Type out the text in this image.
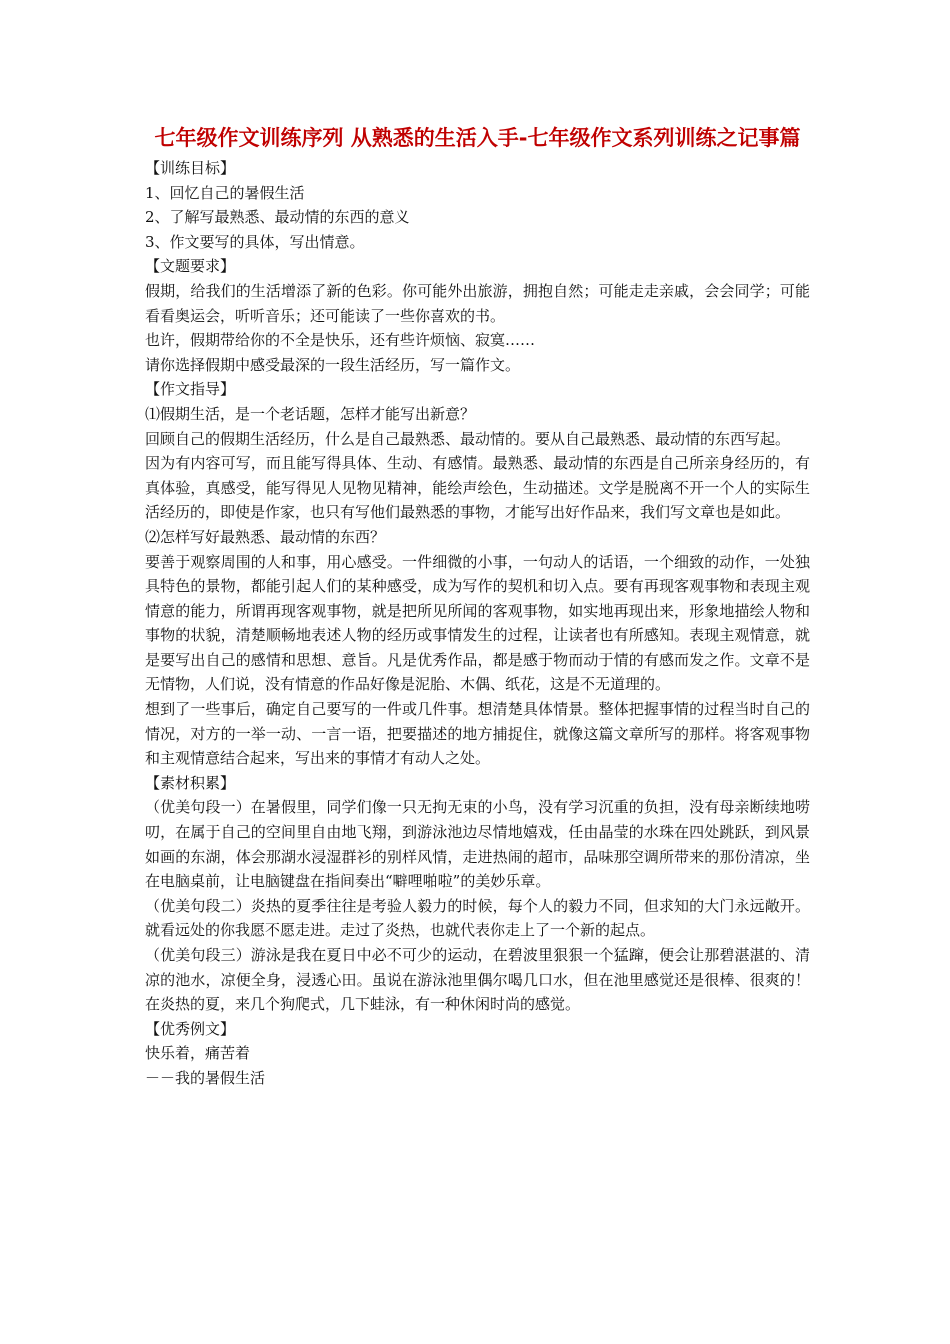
七年级作文训练序列 从熟悉的生活入手-七年级作文系列训练之记事篇

【训练目标】

1、回忆自己的暑假生活

2、了解写最熟悉、最动情的东西的意义

3、作文要写的具体，写出情意。

【文题要求】

假期，给我们的生活增添了新的色彩。你可能外出旅游，拥抱自然；可能走走亲戚，会会同学；可能看看奥运会，听听音乐；还可能读了一些你喜欢的书。

也许，假期带给你的不全是快乐，还有些许烦恼、寂寞……

请你选择假期中感受最深的一段生活经历，写一篇作文。

【作文指导】

⑴假期生活，是一个老话题，怎样才能写出新意？

回顾自己的假期生活经历，什么是自己最熟悉、最动情的。要从自己最熟悉、最动情的东西写起。

因为有内容可写，而且能写得具体、生动、有感情。最熟悉、最动情的东西是自己所亲身经历的，有真体验，真感受，能写得见人见物见精神，能绘声绘色，生动描述。文学是脱离不开一个人的实际生活经历的，即使是作家，也只有写他们最熟悉的事物，才能写出好作品来，我们写文章也是如此。

⑵怎样写好最熟悉、最动情的东西？

要善于观察周围的人和事，用心感受。一件细微的小事，一句动人的话语，一个细致的动作，一处独具特色的景物，都能引起人们的某种感受，成为写作的契机和切入点。要有再现客观事物和表现主观情意的能力，所谓再现客观事物，就是把所见所闻的客观事物，如实地再现出来，形象地描绘人物和事物的状貌，清楚顺畅地表述人物的经历或事情发生的过程，让读者也有所感知。表现主观情意，就是要写出自己的感情和思想、意旨。凡是优秀作品，都是感于物而动于情的有感而发之作。文章不是无情物，人们说，没有情意的作品好像是泥胎、木偶、纸花，这是不无道理的。

想到了一些事后，确定自己要写的一件或几件事。想清楚具体情景。整体把握事情的过程当时自己的情况，对方的一举一动、一言一语，把要描述的地方捕捉住，就像这篇文章所写的那样。将客观事物和主观情意结合起来，写出来的事情才有动人之处。

【素材积累】

（优美句段一）在暑假里，同学们像一只无拘无束的小鸟，没有学习沉重的负担，没有母亲断续地唠叨，在属于自己的空间里自由地飞翔，到游泳池边尽情地嬉戏，任由晶莹的水珠在四处跳跃，到风景如画的东湖，体会那湖水浸湿群衫的别样风情，走进热闹的超市，品味那空调所带来的那份清凉，坐在电脑桌前，让电脑键盘在指间奏出“噼哩啪啦”的美妙乐章。

（优美句段二）炎热的夏季往往是考验人毅力的时候，每个人的毅力不同，但求知的大门永远敞开。就看远处的你我愿不愿走进。走过了炎热，也就代表你走上了一个新的起点。

（优美句段三）游泳是我在夏日中必不可少的运动，在碧波里狠狠一个猛蹿，便会让那碧湛湛的、清凉的池水，凉便全身，浸透心田。虽说在游泳池里偶尔喝几口水，但在池里感觉还是很棒、很爽的！在炎热的夏，来几个狗爬式，几下蛙泳，有一种休闲时尚的感觉。

【优秀例文】

快乐着，痛苦着

－－我的暑假生活
